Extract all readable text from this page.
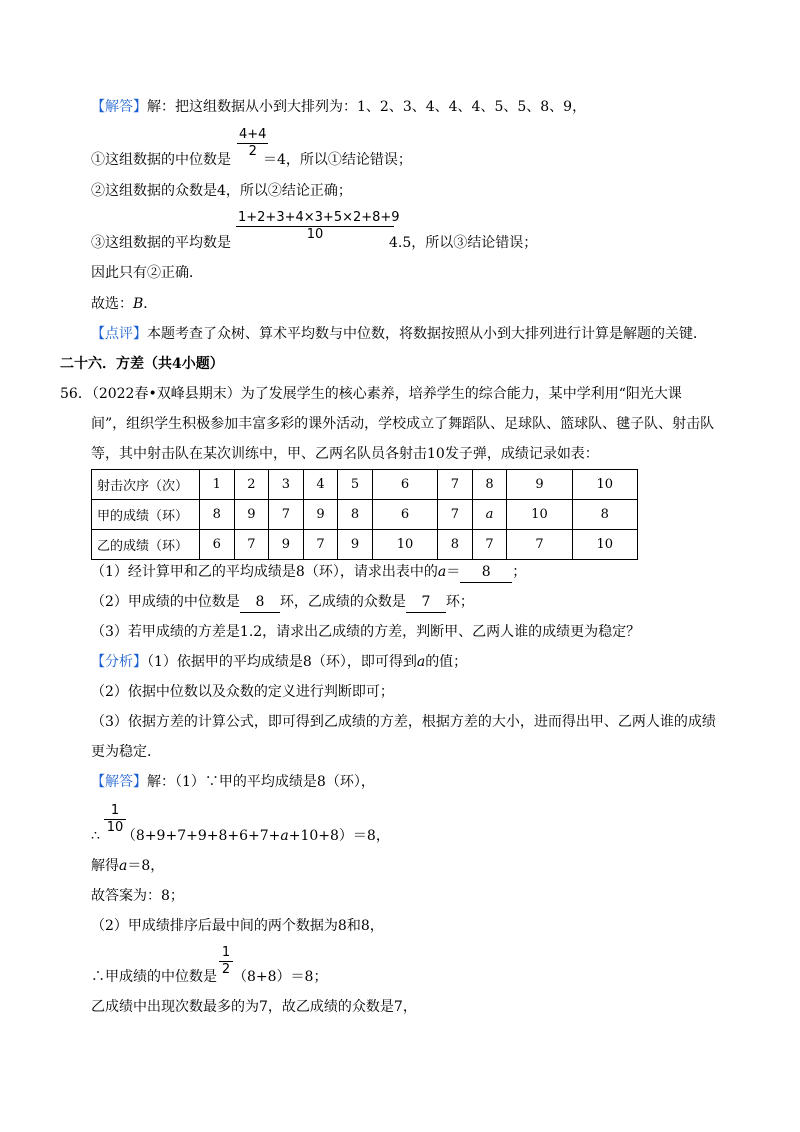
【解答】解：把这组数据从小到大排列为：1、2、3、4、4、4、5、5、8、9，
①这组数据的中位数是 ＝4，所以①结论错误；
4+4
2
②这组数据的众数是4，所以②结论正确；
③这组数据的平均数是	4.5，所以③结论错误；
1+2+3+4×3+5×2+8+9
10
因此只有②正确．
故选：B．
【点评】本题考查了众树、算术平均数与中位数，将数据按照从小到大排列进行计算是解题的关键．
二十六．方差（共4小题）
56．（2022春•双峰县期末）为了发展学生的核心素养，培养学生的综合能力，某中学利用“阳光大课
间”，组织学生积极参加丰富多彩的课外活动，学校成立了舞蹈队、足球队、篮球队、毽子队、射击队
等，其中射击队在某次训练中，甲、乙两名队员各射击10发子弹，成绩记录如表：
射击次序（次）	1	2	3	4	5	6	7	8	9	10
甲的成绩（环）	8	9	7	9	8	6	7	a	10	8
乙的成绩（环）	6	7	9	7	9	10	8	7	7	10
（1）经计算甲和乙的平均成绩是8（环），请求出表中的a＝ 8 ；
（2）甲成绩的中位数是 8 环，乙成绩的众数是 7 环；
（3）若甲成绩的方差是1.2，请求出乙成绩的方差，判断甲、乙两人谁的成绩更为稳定？
【分析】（1）依据甲的平均成绩是8（环），即可得到a的值；
（2）依据中位数以及众数的定义进行判断即可；
（3）依据方差的计算公式，即可得到乙成绩的方差，根据方差的大小，进而得出甲、乙两人谁的成绩
更为稳定．
【解答】解：（1）∵甲的平均成绩是8（环），
1
10
∴ （8+9+7+9+8+6+7+a+10+8）＝8，
解得a＝8，
故答案为：8；
（2）甲成绩排序后最中间的两个数据为8和8，
1
2
∴甲成绩的中位数是 （8+8）＝8；
乙成绩中出现次数最多的为7，故乙成绩的众数是7，
